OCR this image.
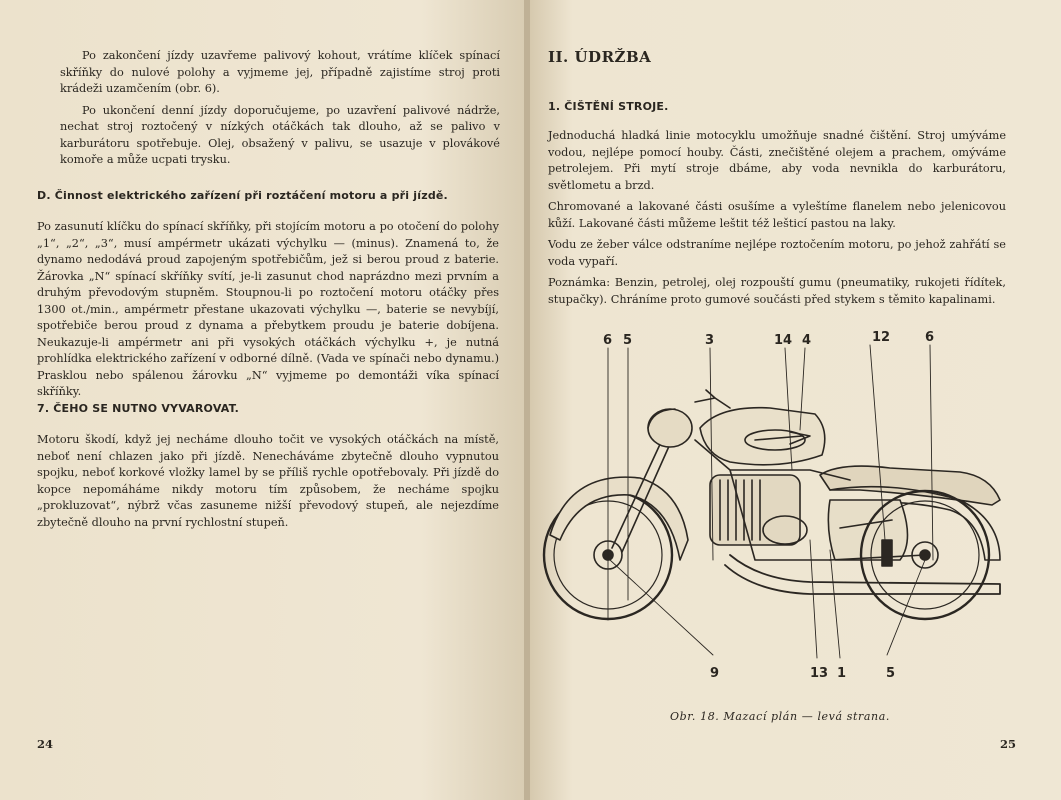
Po zakončení jízdy uzavřeme palivový kohout, vrátíme klíček spínací skříňky do nulové polohy a vyjmeme jej, případně zajistíme stroj proti krádeži uzamčením (obr. 6).

Po ukončení denní jízdy doporučujeme, po uzavření palivové nádrže, nechat stroj roztočený v nízkých otáčkách tak dlouho, až se palivo v karburátoru spotřebuje. Olej, obsažený v palivu, se usazuje v plovákové komoře a může ucpati trysku.

D. Činnost elektrického zařízení při roztáčení motoru a při jízdě.

Po zasunutí klíčku do spínací skříňky, při stojícím motoru a po otočení do polohy „1“, „2“, „3“, musí ampérmetr ukázati výchylku — (minus). Znamená to, že dynamo nedodává proud zapojeným spotřebičům, jež si berou proud z baterie. Žárovka „N“ spínací skříňky svítí, je-li zasunut chod naprázdno mezi prvním a druhým převodovým stupněm. Stoupnou-li po roztočení motoru otáčky přes 1300 ot./min., ampérmetr přestane ukazovati výchylku —, baterie se nevybíjí, spotřebiče berou proud z dynama a přebytkem proudu je baterie dobíjena. Neukazuje-li ampérmetr ani při vysokých otáčkách výchylku +, je nutná prohlídka elektrického zařízení v odborné dílně. (Vada ve spínači nebo dynamu.) Prasklou nebo spálenou žárovku „N“ vyjmeme po demontáži víka spínací skříňky.

7. ČEHO SE NUTNO VYVAROVAT.

Motoru škodí, když jej necháme dlouho točit ve vysokých otáčkách na místě, neboť není chlazen jako při jízdě. Nenecháváme zbytečně dlouho vypnutou spojku, neboť korkové vložky lamel by se příliš rychle opotřebovaly. Při jízdě do kopce nepomáháme nikdy motoru tím způsobem, že necháme spojku „prokluzovat“, nýbrž včas zasuneme nižší převodový stupeň, ale nejezdíme zbytečně dlouho na první rychlostní stupeň.

24
II. ÚDRŽBA
1. ČIŠTĚNÍ STROJE.

Jednoduchá hladká linie motocyklu umožňuje snadné čištění. Stroj umýváme vodou, nejlépe pomocí houby. Části, znečištěné olejem a prachem, omýváme petrolejem. Při mytí stroje dbáme, aby voda nevnikla do karburátoru, světlometu a brzd.

Chromované a lakované části osušíme a vyleštíme flanelem nebo jelenicovou kůží. Lakované části můžeme leštit též lešticí pastou na laky.

Vodu ze žeber válce odstraníme nejlépe roztočením motoru, po jehož zahřátí se voda vypaří.

Poznámka: Benzin, petrolej, olej rozpouští gumu (pneumatiky, rukojeti řídítek, stupačky). Chráníme proto gumové součásti před stykem s těmito kapalinami.

6 5	3	14 4	12	6
9	13 1	5
Obr. 18. Mazací plán — levá strana.
25
